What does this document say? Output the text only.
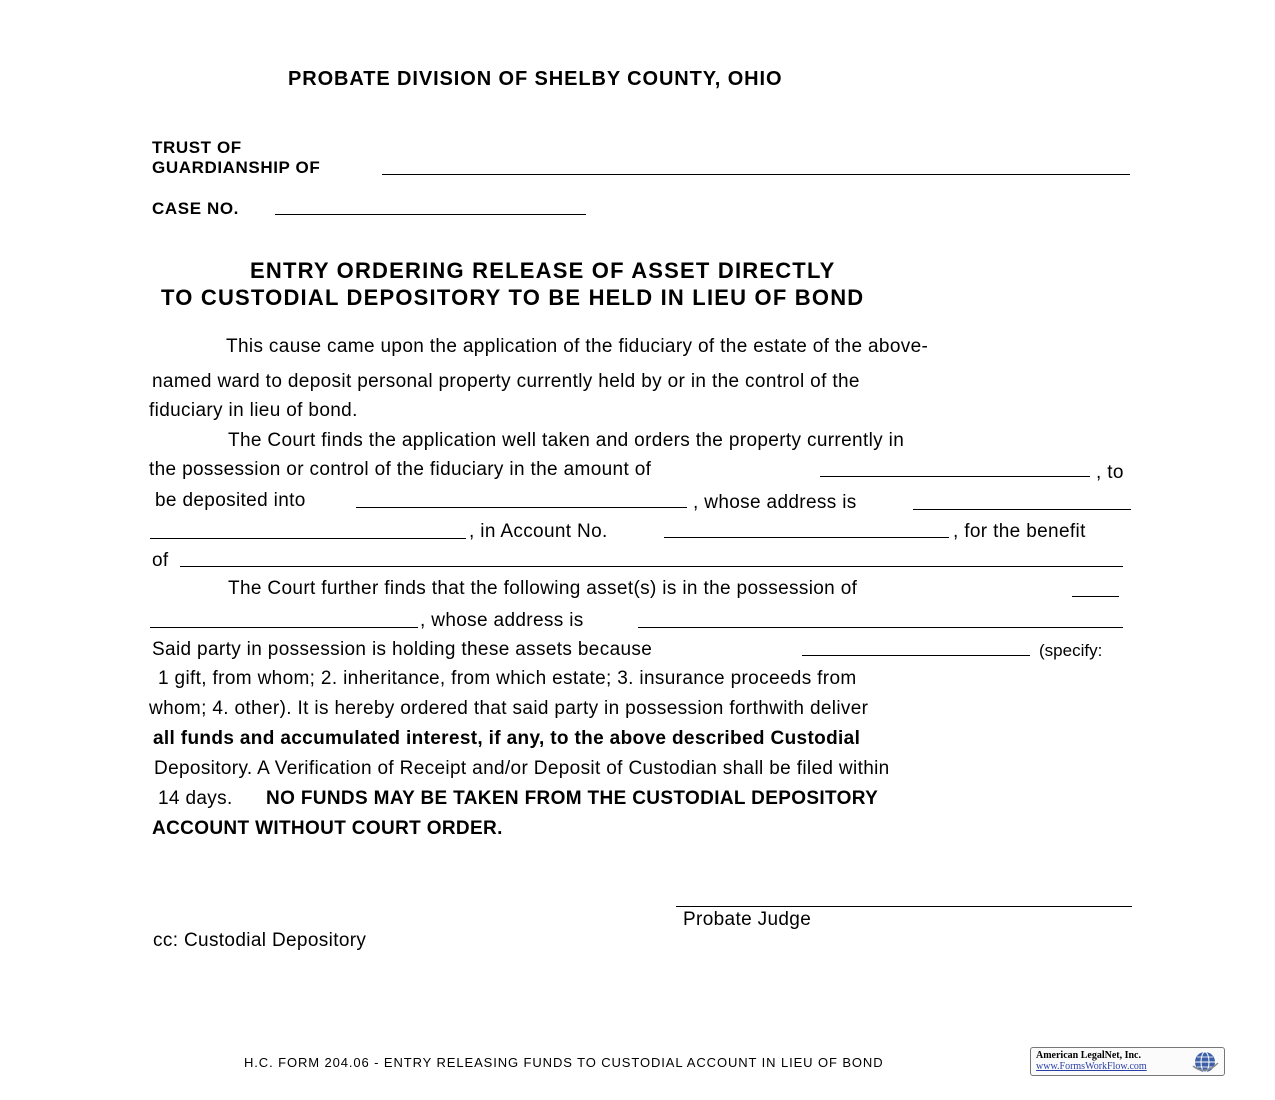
PROBATE DIVISION OF SHELBY COUNTY, OHIO
TRUST OF
GUARDIANSHIP OF
CASE NO.
ENTRY ORDERING RELEASE OF ASSET DIRECTLY
TO CUSTODIAL DEPOSITORY TO BE HELD IN LIEU OF BOND
This cause came upon the application of the fiduciary of the estate of the above-
named ward to deposit personal property currently held by or in the control of the
fiduciary in lieu of bond.
The Court finds the application well taken and orders the property currently in
the possession or control of the fiduciary in the amount of	, to
be deposited into	, whose address is
, in Account No.	, for the benefit
of
The Court further finds that the following asset(s) is in the possession of
, whose address is
Said party in possession is holding these assets because	(specify:
1 gift, from whom; 2. inheritance, from which estate; 3. insurance proceeds from
whom; 4. other). It is hereby ordered that said party in possession forthwith deliver
all funds and accumulated interest, if any, to the above described Custodial
Depository. A Verification of Receipt and/or Deposit of Custodian shall be filed within
14 days. NO FUNDS MAY BE TAKEN FROM THE CUSTODIAL DEPOSITORY
ACCOUNT WITHOUT COURT ORDER.
Probate Judge
cc: Custodial Depository
H.C. FORM 204.06 - ENTRY RELEASING FUNDS TO CUSTODIAL ACCOUNT IN LIEU OF BOND	American LegalNet, Inc.
www.FormsWorkFlow.com
